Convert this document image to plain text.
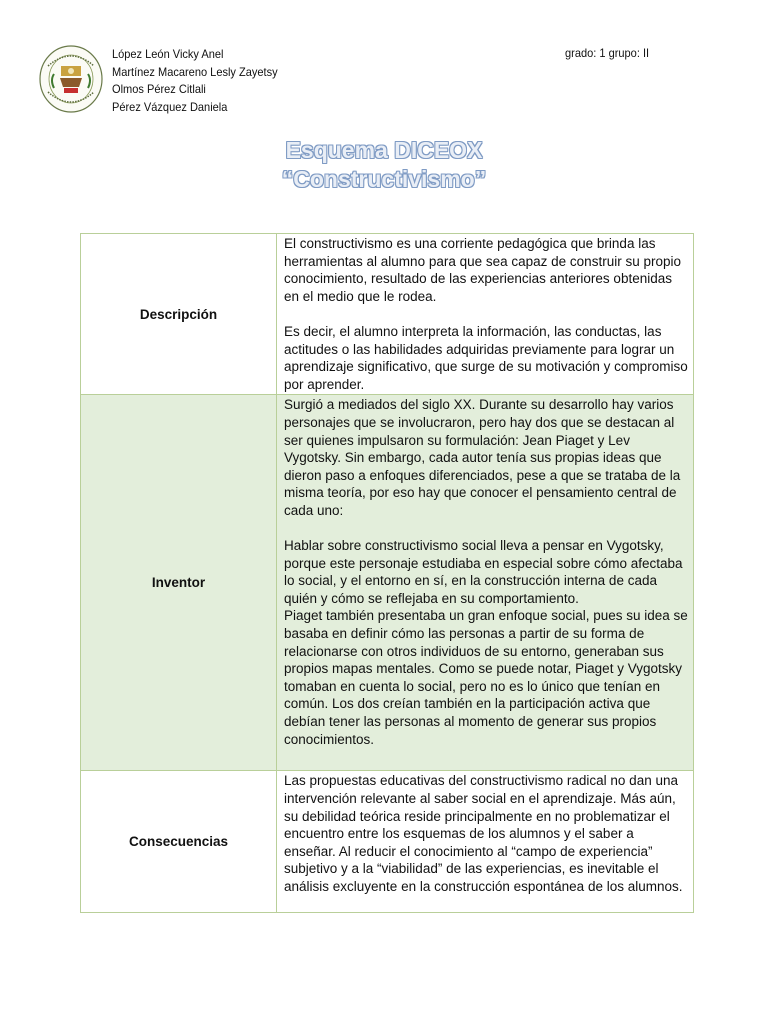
López León Vicky Anel
Martínez Macareno Lesly Zayetsy
Olmos Pérez Citlali
Pérez Vázquez Daniela
grado: 1 grupo: II
Esquema DICEOX
“Constructivismo”
Descripción	El constructivismo es una corriente pedagógica que brinda las herramientas al alumno para que sea capaz de construir su propio conocimiento, resultado de las experiencias anteriores obtenidas en el medio que le rodea.

Es decir, el alumno interpreta la información, las conductas, las actitudes o las habilidades adquiridas previamente para lograr un aprendizaje significativo, que surge de su motivación y compromiso por aprender.

Inventor	Surgió a mediados del siglo XX. Durante su desarrollo hay varios personajes que se involucraron, pero hay dos que se destacan al ser quienes impulsaron su formulación: Jean Piaget y Lev Vygotsky. Sin embargo, cada autor tenía sus propias ideas que dieron paso a enfoques diferenciados, pese a que se trataba de la misma teoría, por eso hay que conocer el pensamiento central de cada uno:

Hablar sobre constructivismo social lleva a pensar en Vygotsky, porque este personaje estudiaba en especial sobre cómo afectaba lo social, y el entorno en sí, en la construcción interna de cada quién y cómo se reflejaba en su comportamiento.

Piaget también presentaba un gran enfoque social, pues su idea se basaba en definir cómo las personas a partir de su forma de relacionarse con otros individuos de su entorno, generaban sus propios mapas mentales. Como se puede notar, Piaget y Vygotsky tomaban en cuenta lo social, pero no es lo único que tenían en común. Los dos creían también en la participación activa que debían tener las personas al momento de generar sus propios conocimientos.

Consecuencias	Las propuestas educativas del constructivismo radical no dan una intervención relevante al saber social en el aprendizaje. Más aún, su debilidad teórica reside principalmente en no problematizar el encuentro entre los esquemas de los alumnos y el saber a enseñar. Al reducir el conocimiento al “campo de experiencia” subjetivo y a la “viabilidad” de las experiencias, es inevitable el análisis excluyente en la construcción espontánea de los alumnos.
